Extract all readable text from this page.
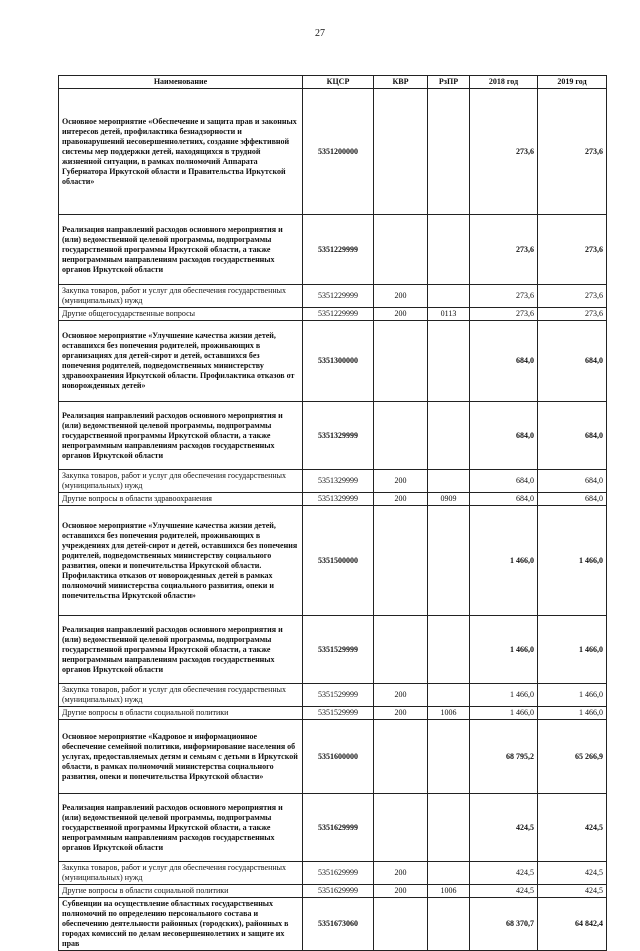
27
Наименование	КЦСР	КВР	РзПР	2018 год	2019 год
Основное мероприятие «Обеспечение и защита прав и законных интересов детей, профилактика безнадзорности и правонарушений несовершеннолетних, создание эффективной системы мер поддержки детей, находящихся в трудной жизненной ситуации, в рамках полномочий Аппарата Губернатора Иркутской области и Правительства Иркутской области»	5351200000			273,6	273,6
Реализация направлений расходов основного мероприятия и (или) ведомственной целевой программы, подпрограммы государственной программы Иркутской области, а также непрограммным направлениям расходов государственных органов Иркутской области	5351229999			273,6	273,6
Закупка товаров, работ и услуг для обеспечения государственных (муниципальных) нужд	5351229999	200		273,6	273,6
Другие общегосударственные вопросы	5351229999	200	0113	273,6	273,6
Основное мероприятие «Улучшение качества жизни детей, оставшихся без попечения родителей, проживающих в организациях для детей-сирот и детей, оставшихся без попечения родителей, подведомственных министерству здравоохранения Иркутской области. Профилактика отказов от новорожденных детей»	5351300000			684,0	684,0
Реализация направлений расходов основного мероприятия и (или) ведомственной целевой программы, подпрограммы государственной программы Иркутской области, а также непрограммным направлениям расходов государственных органов Иркутской области	5351329999			684,0	684,0
Закупка товаров, работ и услуг для обеспечения государственных (муниципальных) нужд	5351329999	200		684,0	684,0
Другие вопросы в области здравоохранения	5351329999	200	0909	684,0	684,0
Основное мероприятие «Улучшение качества жизни детей, оставшихся без попечения родителей, проживающих в учреждениях для детей-сирот и детей, оставшихся без попечения родителей, подведомственных министерству социального развития, опеки и попечительства Иркутской области. Профилактика отказов от новорожденных детей в рамках полномочий министерства социального развития, опеки и попечительства Иркутской области»	5351500000			1 466,0	1 466,0
Реализация направлений расходов основного мероприятия и (или) ведомственной целевой программы, подпрограммы государственной программы Иркутской области, а также непрограммным направлениям расходов государственных органов Иркутской области	5351529999			1 466,0	1 466,0
Закупка товаров, работ и услуг для обеспечения государственных (муниципальных) нужд	5351529999	200		1 466,0	1 466,0
Другие вопросы в области социальной политики	5351529999	200	1006	1 466,0	1 466,0
Основное мероприятие «Кадровое и информационное обеспечение семейной политики, информирование населения об услугах, предоставляемых детям и семьям с детьми в Иркутской области, в рамках полномочий министерства социального развития, опеки и попечительства Иркутской области»	5351600000			68 795,2	65 266,9
Реализация направлений расходов основного мероприятия и (или) ведомственной целевой программы, подпрограммы государственной программы Иркутской области, а также непрограммным направлениям расходов государственных органов Иркутской области	5351629999			424,5	424,5
Закупка товаров, работ и услуг для обеспечения государственных (муниципальных) нужд	5351629999	200		424,5	424,5
Другие вопросы в области социальной политики	5351629999	200	1006	424,5	424,5
Субвенции на осуществление областных государственных полномочий по определению персонального состава и обеспечению деятельности районных (городских), районных в городах комиссий по делам несовершеннолетних и защите их прав	5351673060			68 370,7	64 842,4
